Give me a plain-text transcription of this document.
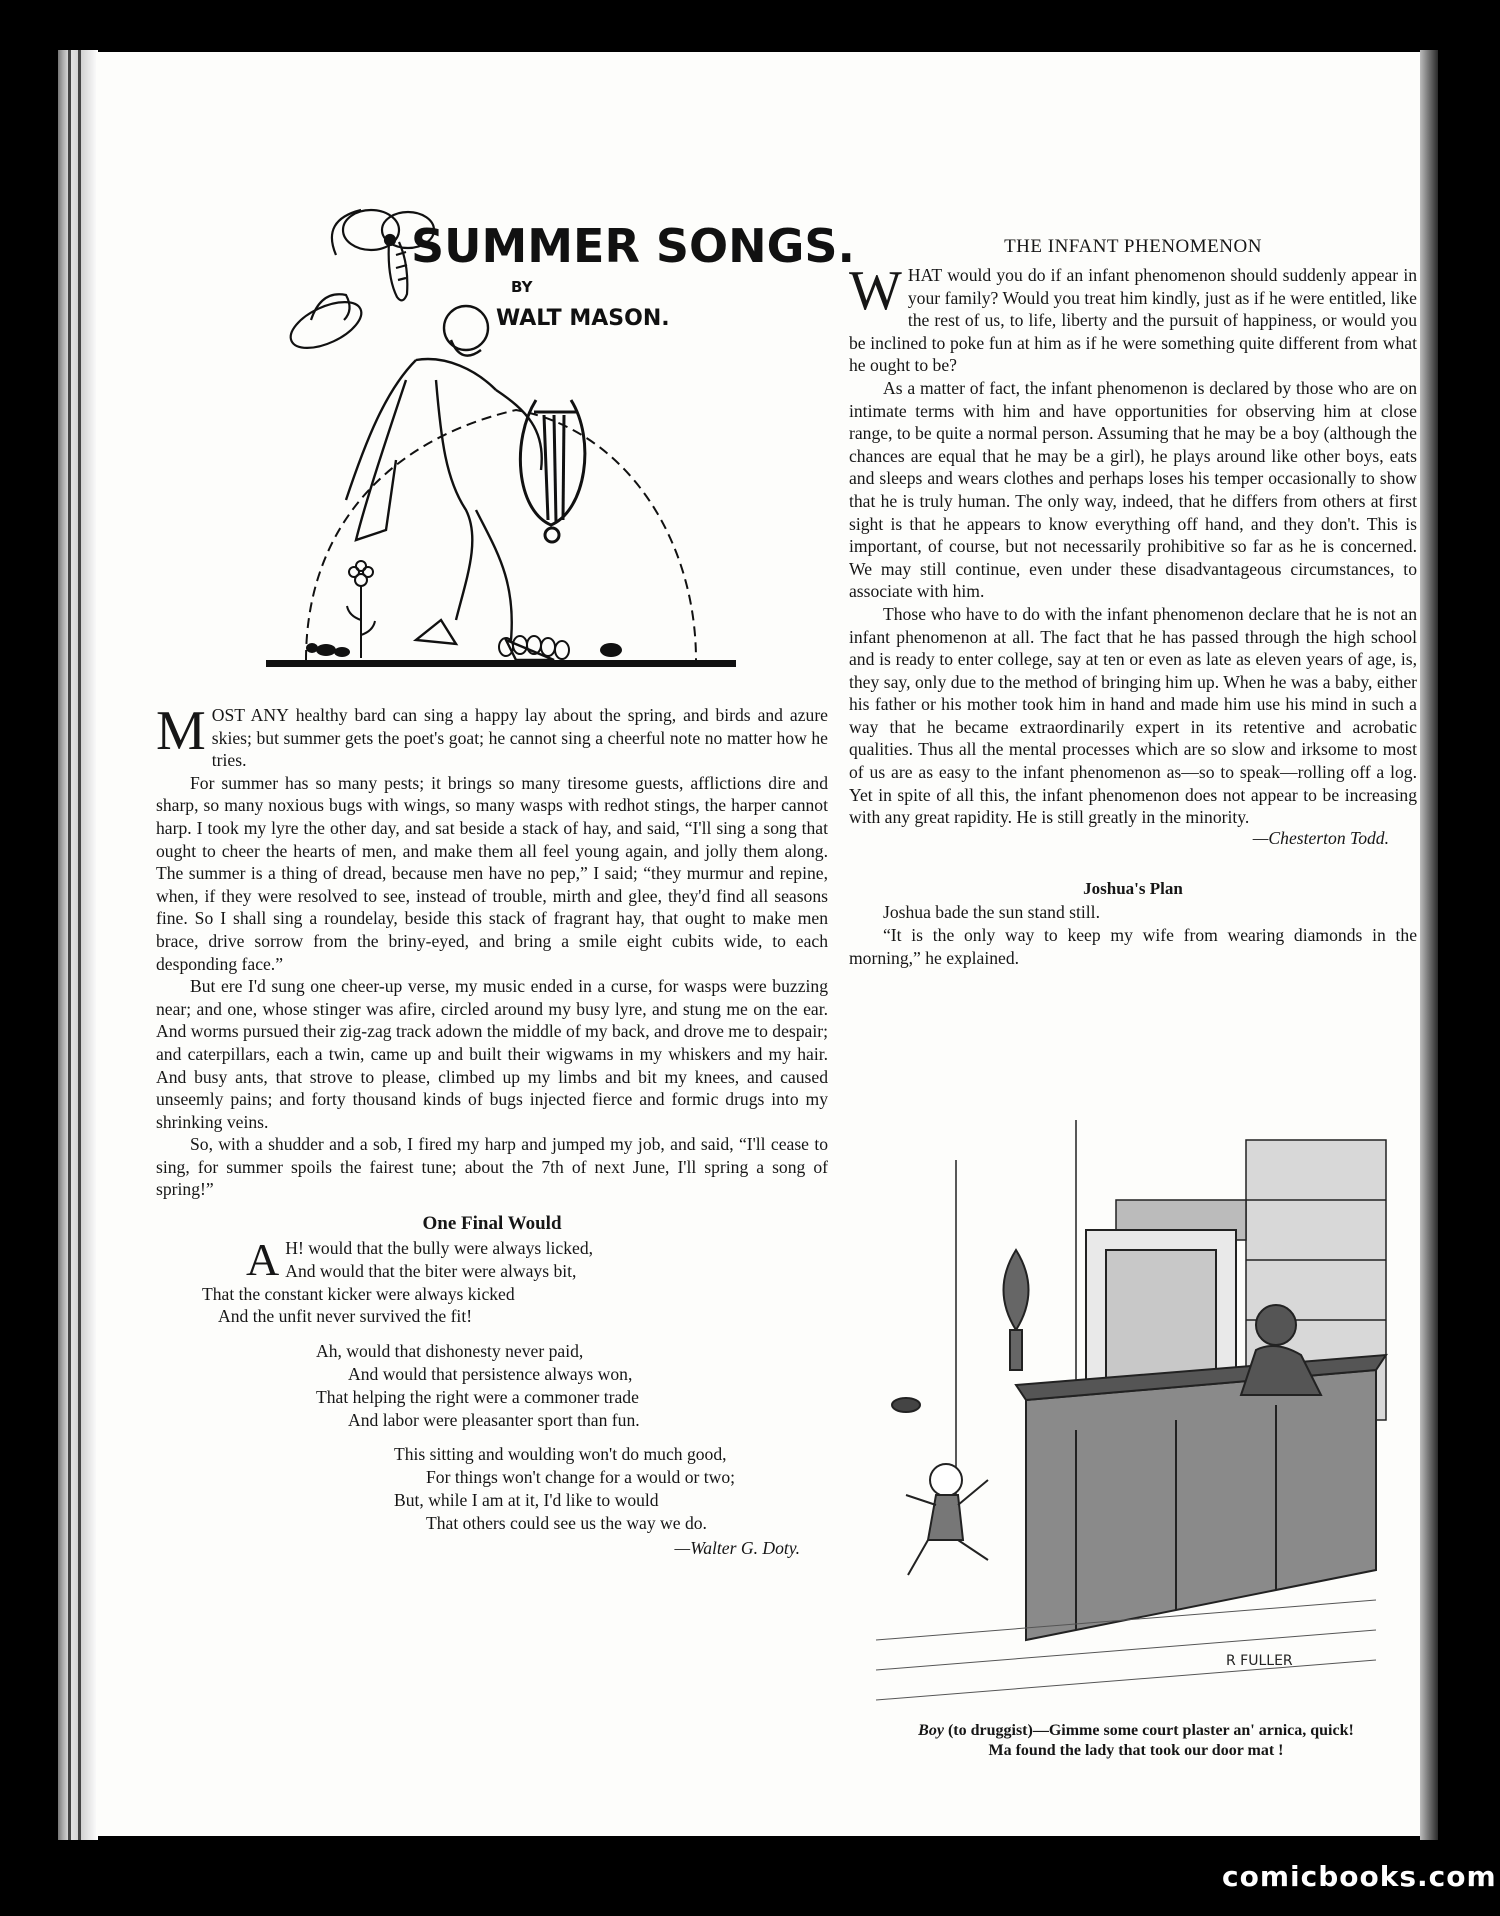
SUMMER SONGS.
BY
WALT MASON.

MOST ANY healthy bard can sing a happy lay about the spring, and birds and azure skies; but summer gets the poet's goat; he cannot sing a cheerful note no matter how he tries.

For summer has so many pests; it brings so many tiresome guests, afflictions dire and sharp, so many noxious bugs with wings, so many wasps with redhot stings, the harper cannot harp. I took my lyre the other day, and sat beside a stack of hay, and said, “I'll sing a song that ought to cheer the hearts of men, and make them all feel young again, and jolly them along. The summer is a thing of dread, because men have no pep,” I said; “they murmur and repine, when, if they were resolved to see, instead of trouble, mirth and glee, they'd find all seasons fine. So I shall sing a roundelay, beside this stack of fragrant hay, that ought to make men brace, drive sorrow from the briny-eyed, and bring a smile eight cubits wide, to each desponding face.”

But ere I'd sung one cheer-up verse, my music ended in a curse, for wasps were buzzing near; and one, whose stinger was afire, circled around my busy lyre, and stung me on the ear. And worms pursued their zig-zag track adown the middle of my back, and drove me to despair; and caterpillars, each a twin, came up and built their wigwams in my whiskers and my hair. And busy ants, that strove to please, climbed up my limbs and bit my knees, and caused unseemly pains; and forty thousand kinds of bugs injected fierce and formic drugs into my shrinking veins.

So, with a shudder and a sob, I fired my harp and jumped my job, and said, “I'll cease to sing, for summer spoils the fairest tune; about the 7th of next June, I'll spring a song of spring!”

One Final Would

A H! would that the bully were always licked,
And would that the biter were always bit,
That the constant kicker were always kicked
And the unfit never survived the fit!
Ah, would that dishonesty never paid,
And would that persistence always won,
That helping the right were a commoner trade
And labor were pleasanter sport than fun.
This sitting and woulding won't do much good,
For things won't change for a would or two;
But, while I am at it, I'd like to would
That others could see us the way we do.

—Walter G. Doty.

THE INFANT PHENOMENON

WHAT would you do if an infant phenomenon should suddenly appear in your family? Would you treat him kindly, just as if he were entitled, like the rest of us, to life, liberty and the pursuit of happiness, or would you be inclined to poke fun at him as if he were something quite different from what he ought to be?

As a matter of fact, the infant phenomenon is declared by those who are on intimate terms with him and have opportunities for observing him at close range, to be quite a normal person. Assuming that he may be a boy (although the chances are equal that he may be a girl), he plays around like other boys, eats and sleeps and wears clothes and perhaps loses his temper occasionally to show that he is truly human. The only way, indeed, that he differs from others at first sight is that he appears to know everything off hand, and they don't. This is important, of course, but not necessarily prohibitive so far as he is concerned. We may still continue, even under these disadvantageous circumstances, to associate with him.

Those who have to do with the infant phenomenon declare that he is not an infant phenomenon at all. The fact that he has passed through the high school and is ready to enter college, say at ten or even as late as eleven years of age, is, they say, only due to the method of bringing him up. When he was a baby, either his father or his mother took him in hand and made him use his mind in such a way that he became extraordinarily expert in its retentive and acrobatic qualities. Thus all the mental processes which are so slow and irksome to most of us are as easy to the infant phenomenon as—so to speak—rolling off a log. Yet in spite of all this, the infant phenomenon does not appear to be increasing with any great rapidity. He is still greatly in the minority.

—Chesterton Todd.

Joshua's Plan

Joshua bade the sun stand still.

“It is the only way to keep my wife from wearing diamonds in the morning,” he explained.

R FULLER
Boy (to druggist)—Gimme some court plaster an' arnica, quick!
Ma found the lady that took our door mat !
comicbooks.com
